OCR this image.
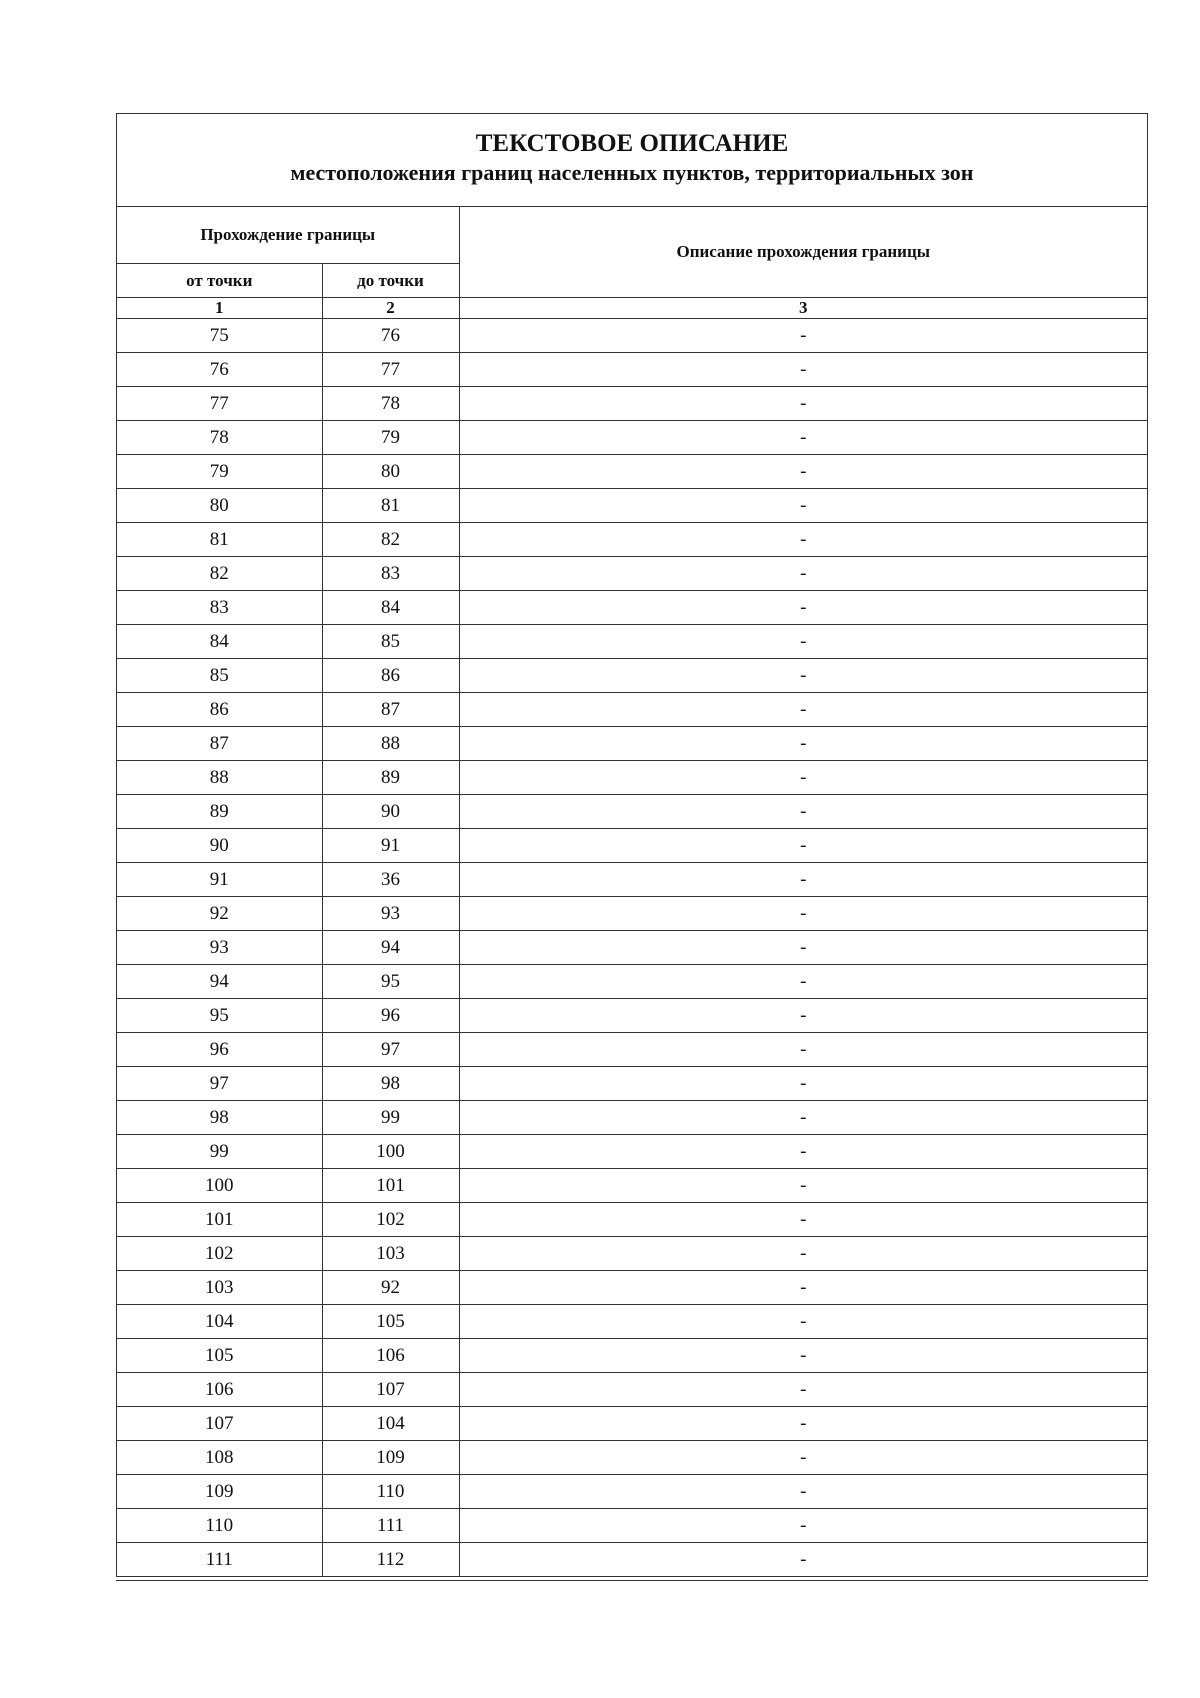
ТЕКСТОВОЕ ОПИСАНИЕ
местоположения границ населенных пунктов, территориальных зон
Прохождение границы		Описание прохождения границы
от точки	до точки	
1	2	3
75	76	-
76	77	-
77	78	-
78	79	-
79	80	-
80	81	-
81	82	-
82	83	-
83	84	-
84	85	-
85	86	-
86	87	-
87	88	-
88	89	-
89	90	-
90	91	-
91	36	-
92	93	-
93	94	-
94	95	-
95	96	-
96	97	-
97	98	-
98	99	-
99	100	-
100	101	-
101	102	-
102	103	-
103	92	-
104	105	-
105	106	-
106	107	-
107	104	-
108	109	-
109	110	-
110	111	-
111	112	-
